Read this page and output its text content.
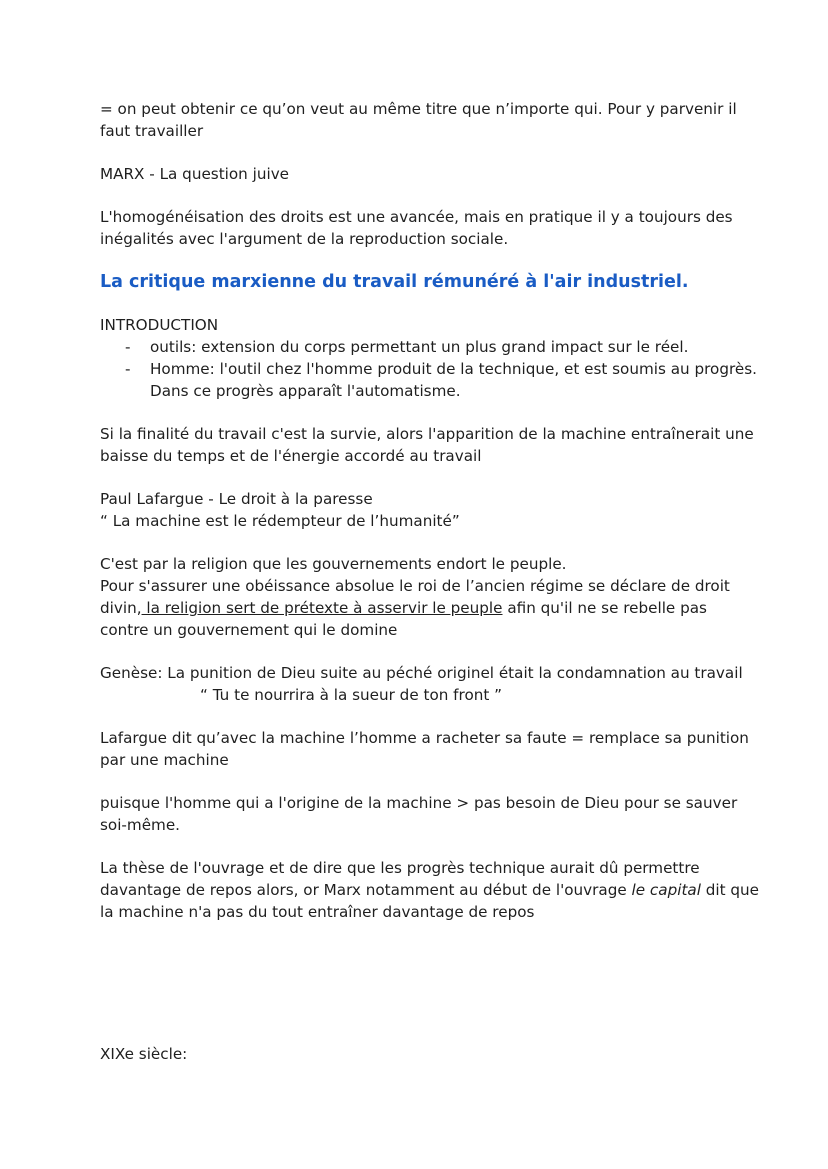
= on peut obtenir ce qu’on veut au même titre que n’importe qui. Pour y parvenir il faut travailler

MARX - La question juive

L'homogénéisation des droits est une avancée, mais en pratique il y a toujours des inégalités avec l'argument de la reproduction sociale.

La critique marxienne du travail rémunéré à l'air industriel.

INTRODUCTION

- outils: extension du corps permettant un plus grand impact sur le réel.
- Homme: l'outil chez l'homme produit de la technique, et est soumis au progrès. Dans ce progrès apparaît l'automatisme.

Si la finalité du travail c'est la survie, alors l'apparition de la machine entraînerait une baisse du temps et de l'énergie accordé au travail

Paul Lafargue - Le droit à la paresse

“ La machine est le rédempteur de l’humanité”

C'est par la religion que les gouvernements endort le peuple.

Pour s'assurer une obéissance absolue le roi de l’ancien régime se déclare de droit divin, la religion sert de prétexte à asservir le peuple afin qu'il ne se rebelle pas contre un gouvernement qui le domine

Genèse: La punition de Dieu suite au péché originel était la condamnation au travail

“ Tu te nourrira à la sueur de ton front ”

Lafargue dit qu’avec la machine l’homme a racheter sa faute = remplace sa punition par une machine

puisque l'homme qui a l'origine de la machine > pas besoin de Dieu pour se sauver soi-même.

La thèse de l'ouvrage et de dire que les progrès technique aurait dû permettre davantage de repos alors, or Marx notamment au début de l'ouvrage le capital dit que la machine n'a pas du tout entraîner davantage de repos

XIXe siècle:
